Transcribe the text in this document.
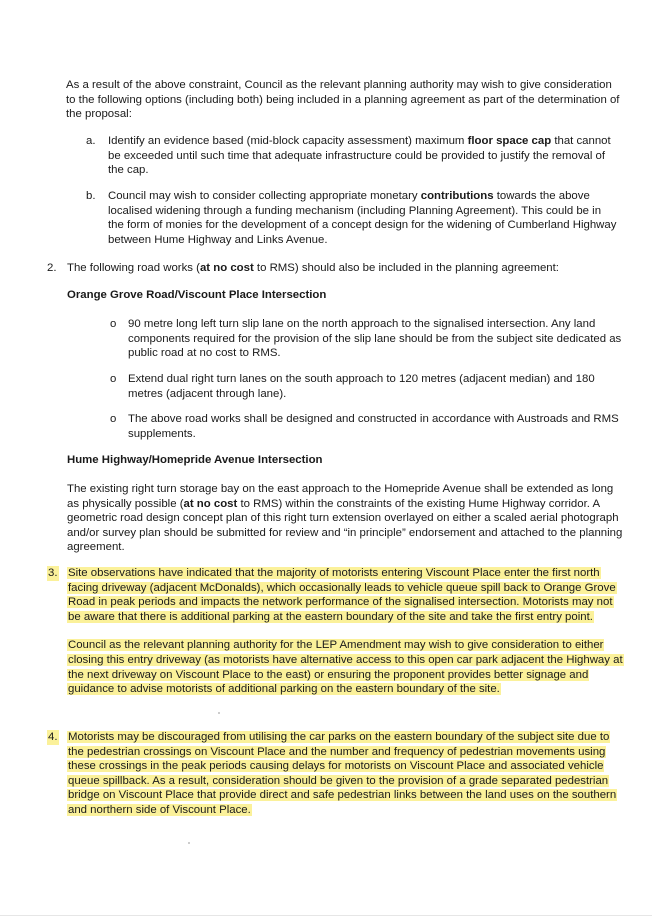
As a result of the above constraint, Council as the relevant planning authority may wish to give consideration to the following options (including both) being included in a planning agreement as part of the determination of the proposal:

a. Identify an evidence based (mid-block capacity assessment) maximum floor space cap that cannot be exceeded until such time that adequate infrastructure could be provided to justify the removal of the cap.

b. Council may wish to consider collecting appropriate monetary contributions towards the above localised widening through a funding mechanism (including Planning Agreement). This could be in the form of monies for the development of a concept design for the widening of Cumberland Highway between Hume Highway and Links Avenue.

2. The following road works (at no cost to RMS) should also be included in the planning agreement:

Orange Grove Road/Viscount Place Intersection
o 90 metre long left turn slip lane on the north approach to the signalised intersection. Any land components required for the provision of the slip lane should be from the subject site dedicated as public road at no cost to RMS.

o Extend dual right turn lanes on the south approach to 120 metres (adjacent median) and 180 metres (adjacent through lane).

o The above road works shall be designed and constructed in accordance with Austroads and RMS supplements.

Hume Highway/Homepride Avenue Intersection

The existing right turn storage bay on the east approach to the Homepride Avenue shall be extended as long as physically possible (at no cost to RMS) within the constraints of the existing Hume Highway corridor. A geometric road design concept plan of this right turn extension overlayed on either a scaled aerial photograph and/or survey plan should be submitted for review and “in principle” endorsement and attached to the planning agreement.

3. Site observations have indicated that the majority of motorists entering Viscount Place enter the first north facing driveway (adjacent McDonalds), which occasionally leads to vehicle queue spill back to Orange Grove Road in peak periods and impacts the network performance of the signalised intersection. Motorists may not be aware that there is additional parking at the eastern boundary of the site and take the first entry point.

Council as the relevant planning authority for the LEP Amendment may wish to give consideration to either closing this entry driveway (as motorists have alternative access to this open car park adjacent the Highway at the next driveway on Viscount Place to the east) or ensuring the proponent provides better signage and guidance to advise motorists of additional parking on the eastern boundary of the site.

4. Motorists may be discouraged from utilising the car parks on the eastern boundary of the subject site due to the pedestrian crossings on Viscount Place and the number and frequency of pedestrian movements using these crossings in the peak periods causing delays for motorists on Viscount Place and associated vehicle queue spillback. As a result, consideration should be given to the provision of a grade separated pedestrian bridge on Viscount Place that provide direct and safe pedestrian links between the land uses on the southern and northern side of Viscount Place.
